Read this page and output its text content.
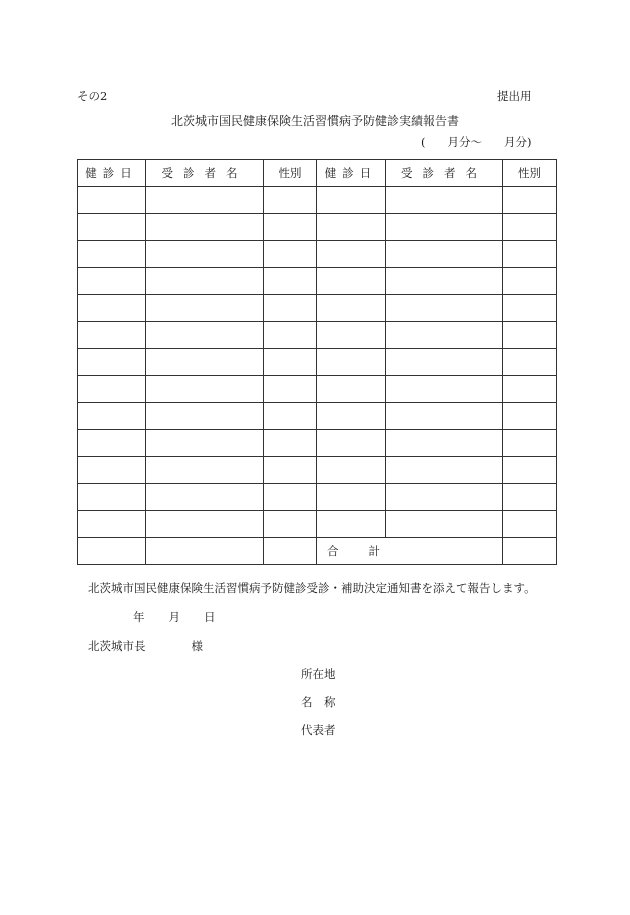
その2	提出用
北茨城市国民健康保険生活習慣病予防健診実績報告書
( 月分〜 月分)
健診日	受診者名	性別	健診日	受診者名	性別

			合計		
北茨城市国民健康保険生活習慣病予防健診受診・補助決定通知書を添えて報告します。
年 月 日
北茨城市長	様
所在地
名　称
代表者
